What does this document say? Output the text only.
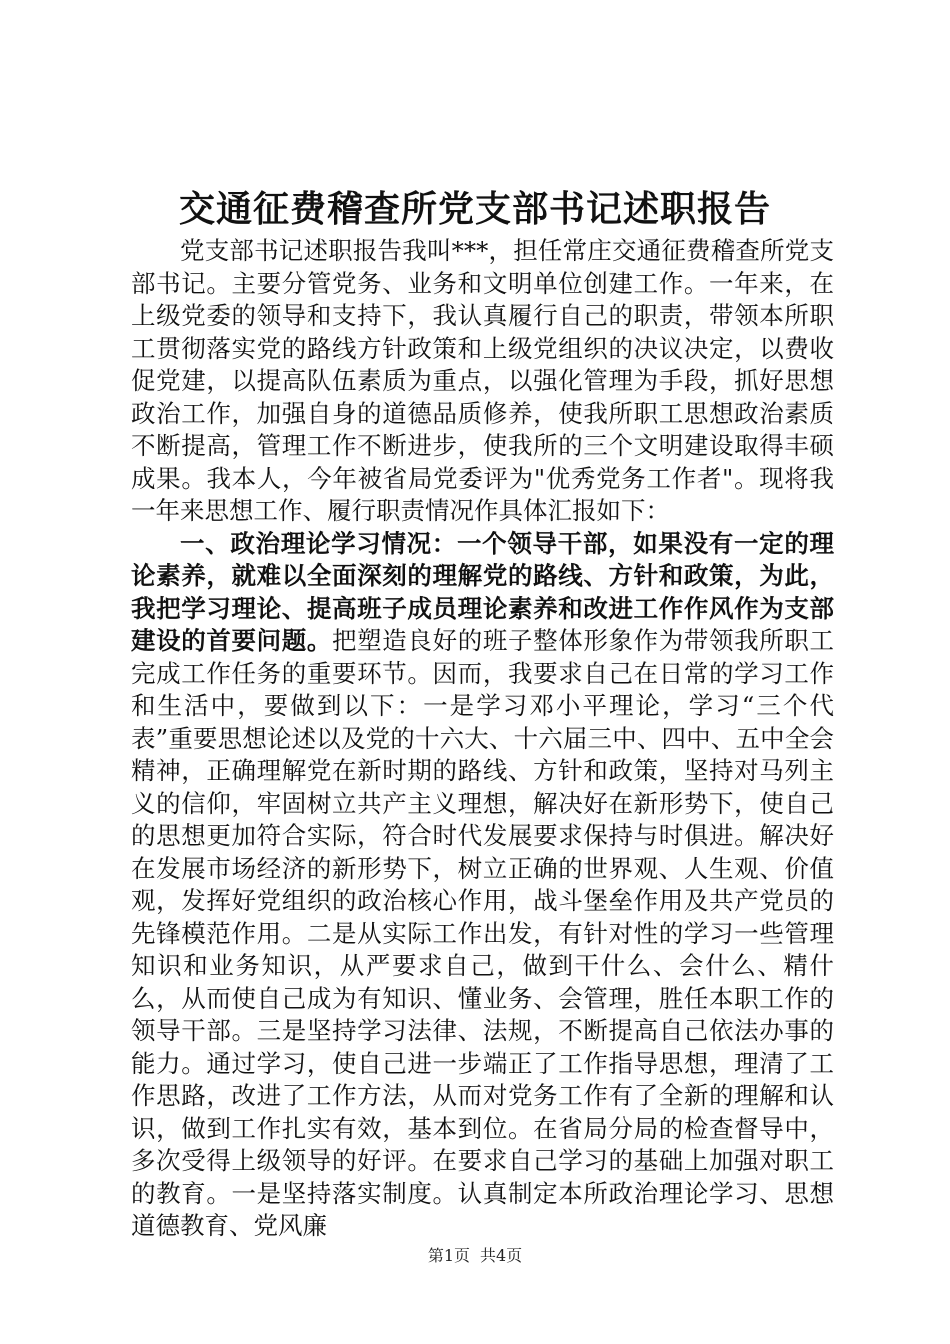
交通征费稽查所党支部书记述职报告

党支部书记述职报告我叫***，担任常庄交通征费稽查所党支部书记。主要分管党务、业务和文明单位创建工作。一年来，在上级党委的领导和支持下，我认真履行自己的职责，带领本所职工贯彻落实党的路线方针政策和上级党组织的决议决定，以费收促党建，以提高队伍素质为重点，以强化管理为手段，抓好思想政治工作，加强自身的道德品质修养，使我所职工思想政治素质不断提高，管理工作不断进步，使我所的三个文明建设取得丰硕成果。我本人，今年被省局党委评为"优秀党务工作者"。现将我一年来思想工作、履行职责情况作具体汇报如下：

一、政治理论学习情况：一个领导干部，如果没有一定的理论素养，就难以全面深刻的理解党的路线、方针和政策，为此，我把学习理论、提高班子成员理论素养和改进工作作风作为支部建设的首要问题。把塑造良好的班子整体形象作为带领我所职工完成工作任务的重要环节。因而，我要求自己在日常的学习工作和生活中，要做到以下：一是学习邓小平理论，学习“三个代表”重要思想论述以及党的十六大、十六届三中、四中、五中全会精神，正确理解党在新时期的路线、方针和政策，坚持对马列主义的信仰，牢固树立共产主义理想，解决好在新形势下，使自己的思想更加符合实际，符合时代发展要求保持与时俱进。解决好在发展市场经济的新形势下，树立正确的世界观、人生观、价值观，发挥好党组织的政治核心作用，战斗堡垒作用及共产党员的先锋模范作用。二是从实际工作出发，有针对性的学习一些管理知识和业务知识，从严要求自己，做到干什么、会什么、精什么，从而使自己成为有知识、懂业务、会管理，胜任本职工作的领导干部。三是坚持学习法律、法规，不断提高自己依法办事的能力。通过学习，使自己进一步端正了工作指导思想，理清了工作思路，改进了工作方法，从而对党务工作有了全新的理解和认识，做到工作扎实有效，基本到位。在省局分局的检查督导中，多次受得上级领导的好评。在要求自己学习的基础上加强对职工的教育。一是坚持落实制度。认真制定本所政治理论学习、思想道德教育、党风廉

第1页 共4页
